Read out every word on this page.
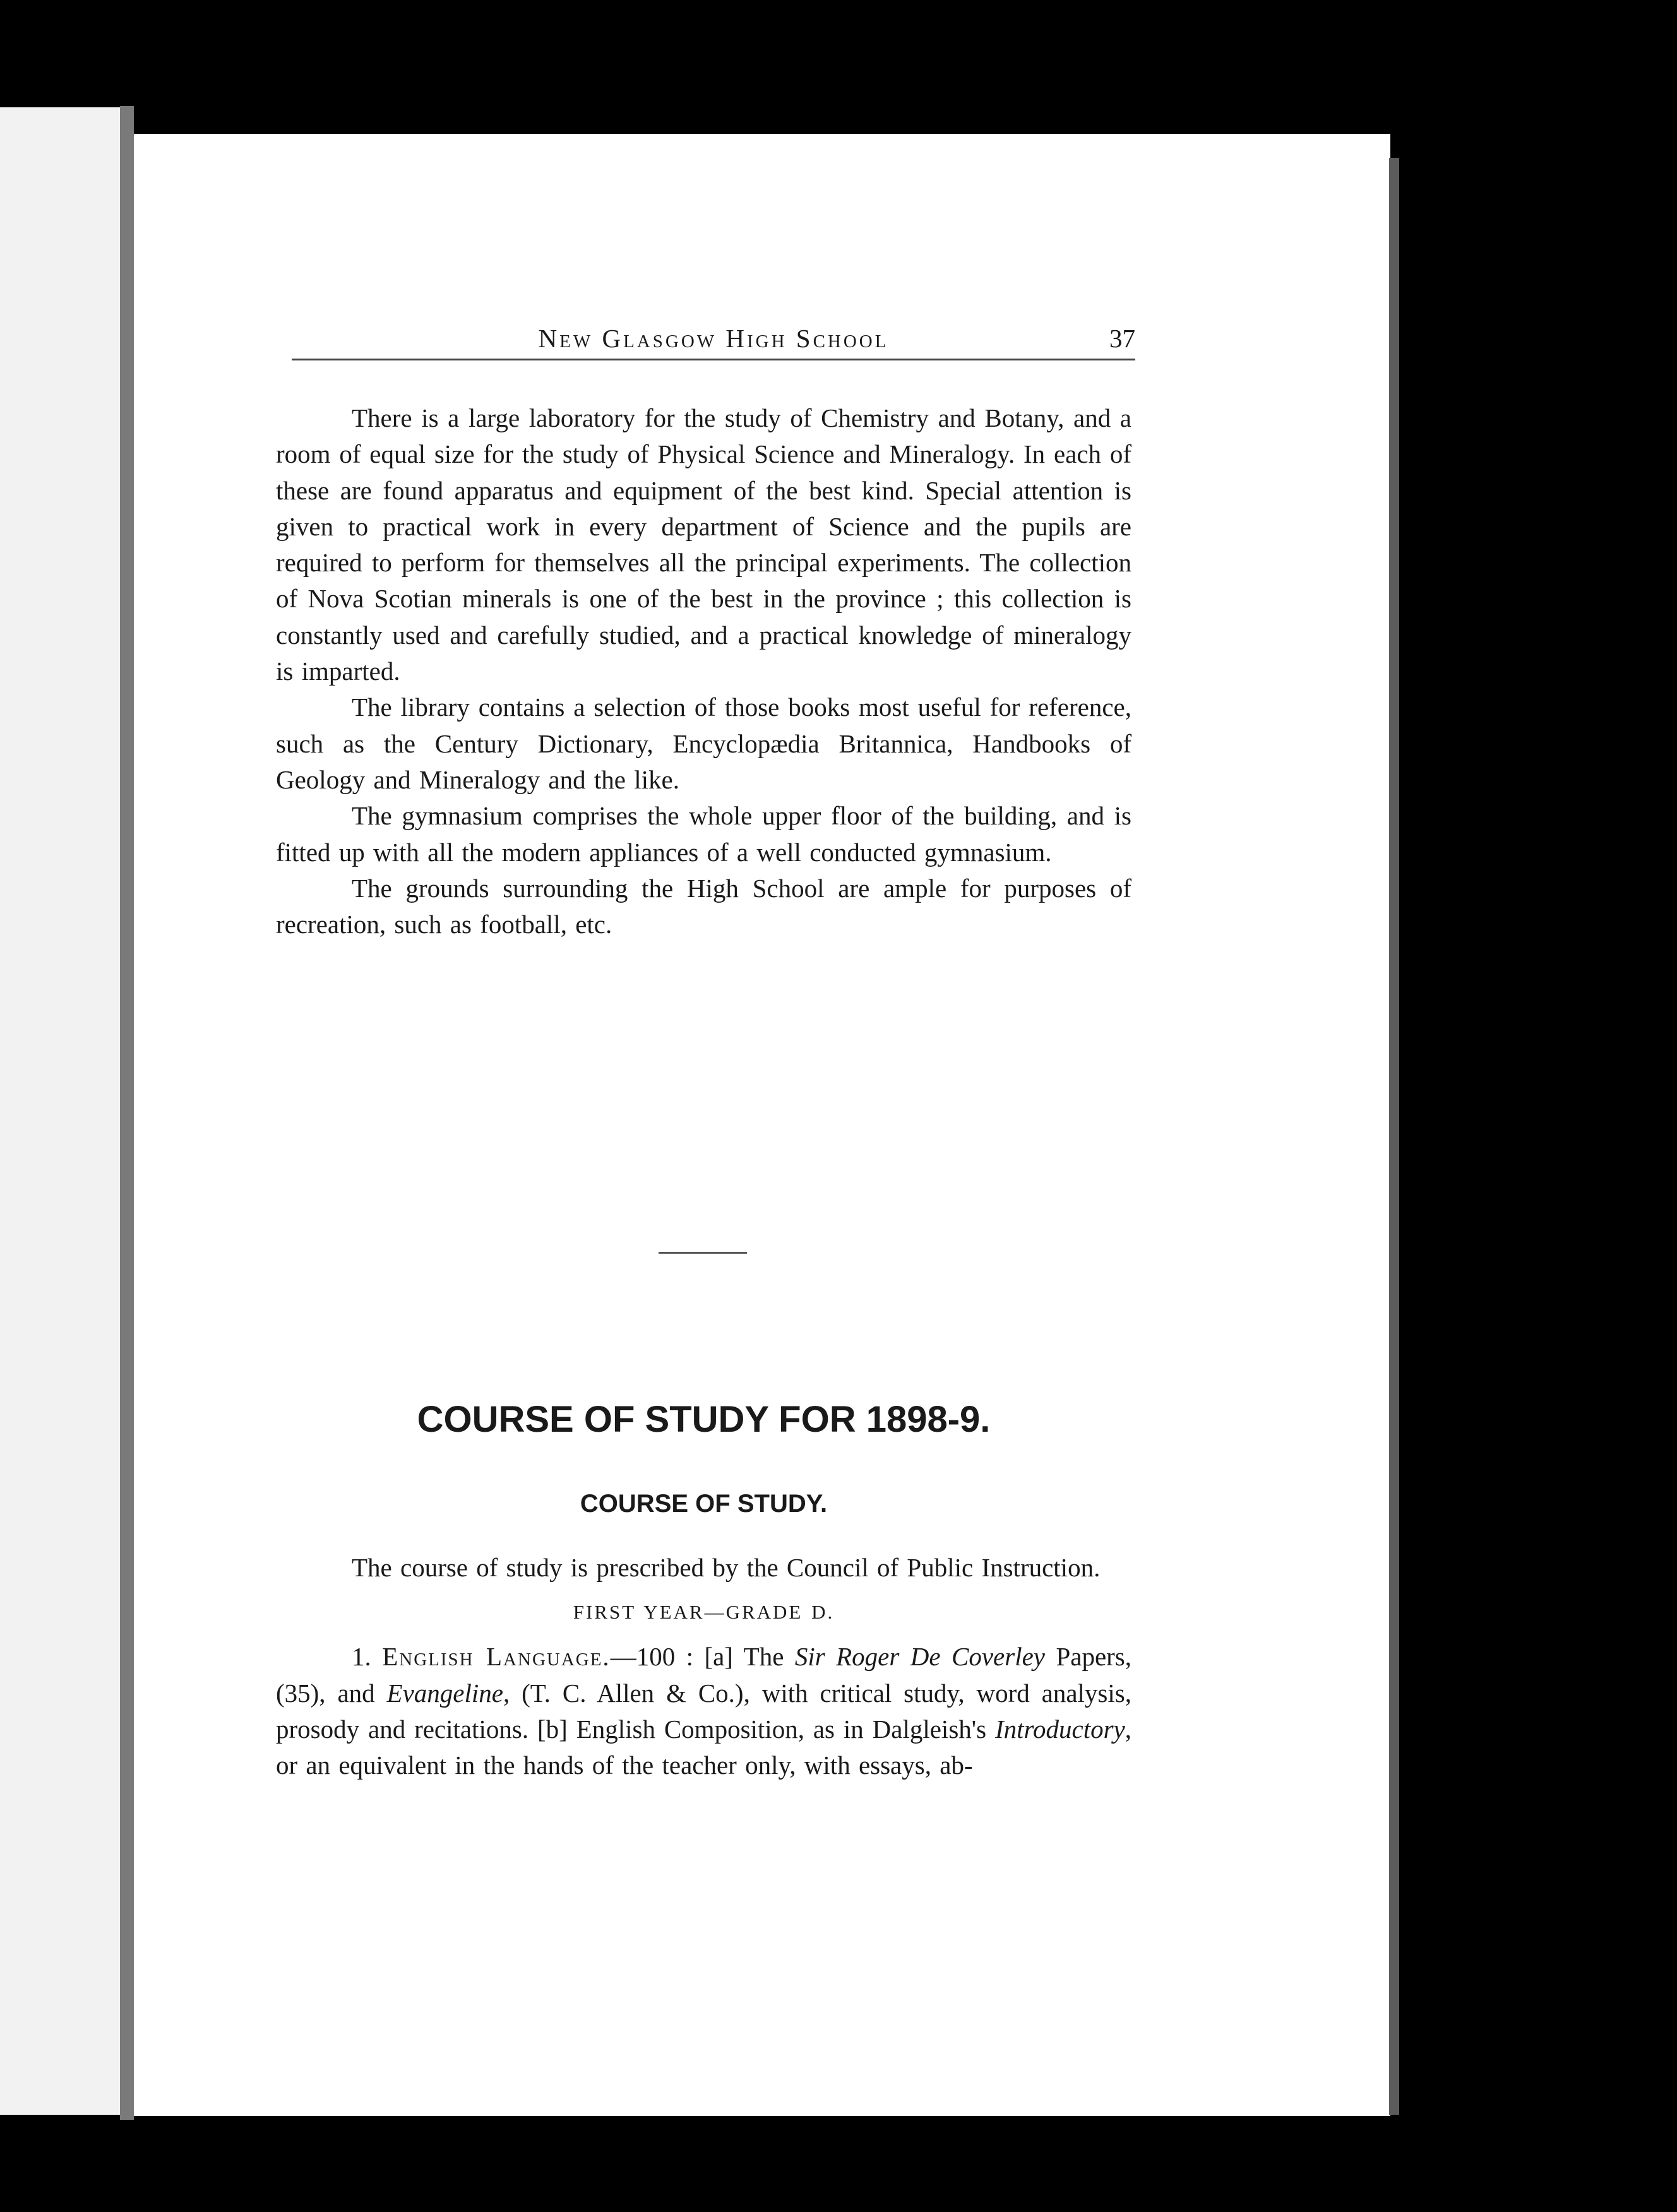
New Glasgow High School	37

There is a large laboratory for the study of Chemistry and Botany, and a room of equal size for the study of Physical Science and Mineralogy. In each of these are found apparatus and equipment of the best kind. Special attention is given to practical work in every department of Science and the pupils are required to perform for themselves all the principal experiments. The collection of Nova Scotian minerals is one of the best in the province ; this collection is constantly used and carefully studied, and a practical knowledge of mineralogy is imparted.

The library contains a selection of those books most useful for reference, such as the Century Dictionary, Encyclopædia Britannica, Handbooks of Geology and Mineralogy and the like.

The gymnasium comprises the whole upper floor of the building, and is fitted up with all the modern appliances of a well conducted gymnasium.

The grounds surrounding the High School are ample for purposes of recreation, such as football, etc.

COURSE OF STUDY FOR 1898-9.
COURSE OF STUDY.

The course of study is prescribed by the Council of Public Instruction.

FIRST YEAR—GRADE D.

1. English Language.—100 : [a] The Sir Roger De Coverley Papers, (35), and Evangeline, (T. C. Allen & Co.), with critical study, word analysis, prosody and recitations. [b] English Composition, as in Dalgleish's Introductory, or an equivalent in the hands of the teacher only, with essays, ab-
